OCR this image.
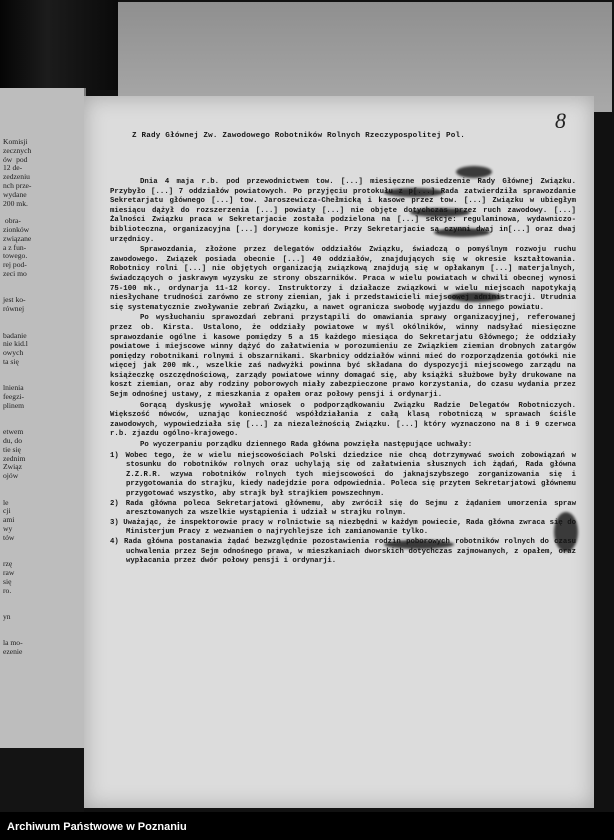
Komisji
zecznych
ów  pod
12 de-
zedzeniu
nch prze-
wydane
200 mk.

obra-
zionków
związane
a z fun-
towego.
rej pod-
zeci mo

jest ko-
równej

badanie
nie kid.l
owych
ta się

lnienia
feegzi-
plinem

etwem
du, do
tie się
zednim
Związ
ojów

le
cji
ami
wy
tów

rzę
raw
się
ro.

yn

la mo-
ezenie
8
Z Rady Głównej Zw. Zawodowego Robotników Rolnych Rzeczypospolitej Pol.

Dnia 4 maja r.b. pod przewodnictwem tow. [...] miesięczne posiedzenie Rady Głównej Związku. Przybyło [...] 7 oddziałów powiatowych. Po przyjęciu protokułu z p[...] Rada zatwierdziła sprawozdanie Sekretarjatu głównego [...] tow. Jaroszewicza-Chełmicką i kasowe przez tow. [...] Związku w ubiegłym miesiącu dążył do rozszerzenia [...] powiaty [...] nie objęte dotychczas przez ruch zawodowy. [...] Żalności Związku praca w Sekretarjacie została podzielona na [...] sekcje: regulaminowa, wydawniczo-biblioteczna, organizacyjna [...] dorywcze komisje. Przy Sekretarjacie są czynni dwaj in[...] oraz dwaj urzędnicy.

Sprawozdania, złożone przez delegatów oddziałów Związku, świadczą o pomyślnym rozwoju ruchu zawodowego. Związek posiada obecnie [...] 40 oddziałów, znajdujących się w okresie kształtowania. Robotnicy rolni [...] nie objętych organizacją związkową znajdują się w opłakanym [...] materjalnych, świadczących o jaskrawym wyzysku ze strony obszarników. Praca w wielu powiatach w chwili obecnej wynosi 75-100 mk., ordynarja 11-12 korcy. Instruktorzy i działacze związkowi w wielu miejscach napotykają niesłychane trudności zarówno ze strony ziemian, jak i przedstawicieli miejscowej administracji. Utrudnia się systematycznie zwoływanie zebrań Związku, a nawet ogranicza swobodę wyjazdu do innego powiatu.

Po wysłuchaniu sprawozdań zebrani przystąpili do omawiania sprawy organizacyjnej, referowanej przez ob. Kirsta. Ustalono, że oddziały powiatowe w myśl okólników, winny nadsyłać miesięczne sprawozdanie ogólne i kasowe pomiędzy 5 a 15 każdego miesiąca do Sekretarjatu Głównego; że oddziały powiatowe i miejscowe winny dążyć do załatwienia w porozumieniu ze Związkiem ziemian drobnych zatargów pomiędzy robotnikami rolnymi i obszarnikami. Skarbnicy oddziałów winni mieć do rozporządzenia gotówki nie więcej jak 200 mk., wszelkie zaś nadwyżki powinna być składana do dyspozycji miejscowego zarządu na książeczkę oszczędnościową, zarządy powiatowe winny domagać się, aby książki służbowe były drukowane na koszt ziemian, oraz aby rodziny poborowych miały zabezpieczone prawo korzystania, do czasu wydania przez Sejm odnośnej ustawy, z mieszkania z opałem oraz połowy pensji i ordynarji.

Gorącą dyskusję wywołał wniosek o podporządkowaniu Związku Radzie Delegatów Robotniczych. Większość mówców, uznając konieczność współdziałania z całą klasą robotniczą w sprawach ściśle zawodowych, wypowiedziała się [...] za niezależnością Związku. [...] który wyznaczono na 8 i 9 czerwca r.b. zjazdu ogólno-krajowego.

Po wyczerpaniu porządku dziennego Rada główna powzięła następujące uchwały:

1) Wobec tego, że w wielu miejscowościach Polski dziedzice nie chcą dotrzymywać swoich zobowiązań w stosunku do robotników rolnych oraz uchylają się od załatwienia słusznych ich żądań, Rada główna Z.Z.R.R. wzywa robotników rolnych tych miejscowości do jaknajszybszego zorganizowania się i przygotowania do strajku, kiedy nadejdzie pora odpowiednia. Poleca się przytem Sekretarjatowi głównemu przygotować wszystko, aby strajk był strajkiem powszechnym.
2) Rada główna poleca Sekretarjatowi głównemu, aby zwrócił się do Sejmu z żądaniem umorzenia spraw aresztowanych za wszelkie wystąpienia i udział w strajku rolnym.
3) Uważając, że inspektorowie pracy w rolnictwie są niezbędni w każdym powiecie, Rada główna zwraca się do Ministerjum Pracy z wezwaniem o najrychlejsze ich zamianowanie tylko.
4) Rada główna postanawia żądać bezwzględnie pozostawienia rodzin poborowych robotników rolnych do czasu uchwalenia przez Sejm odnośnego prawa, w mieszkaniach dworskich dotychczas zajmowanych, z opałem, oraz wypłacania przez dwór połowy pensji i ordynarji.
Archiwum Państwowe w Poznaniu
